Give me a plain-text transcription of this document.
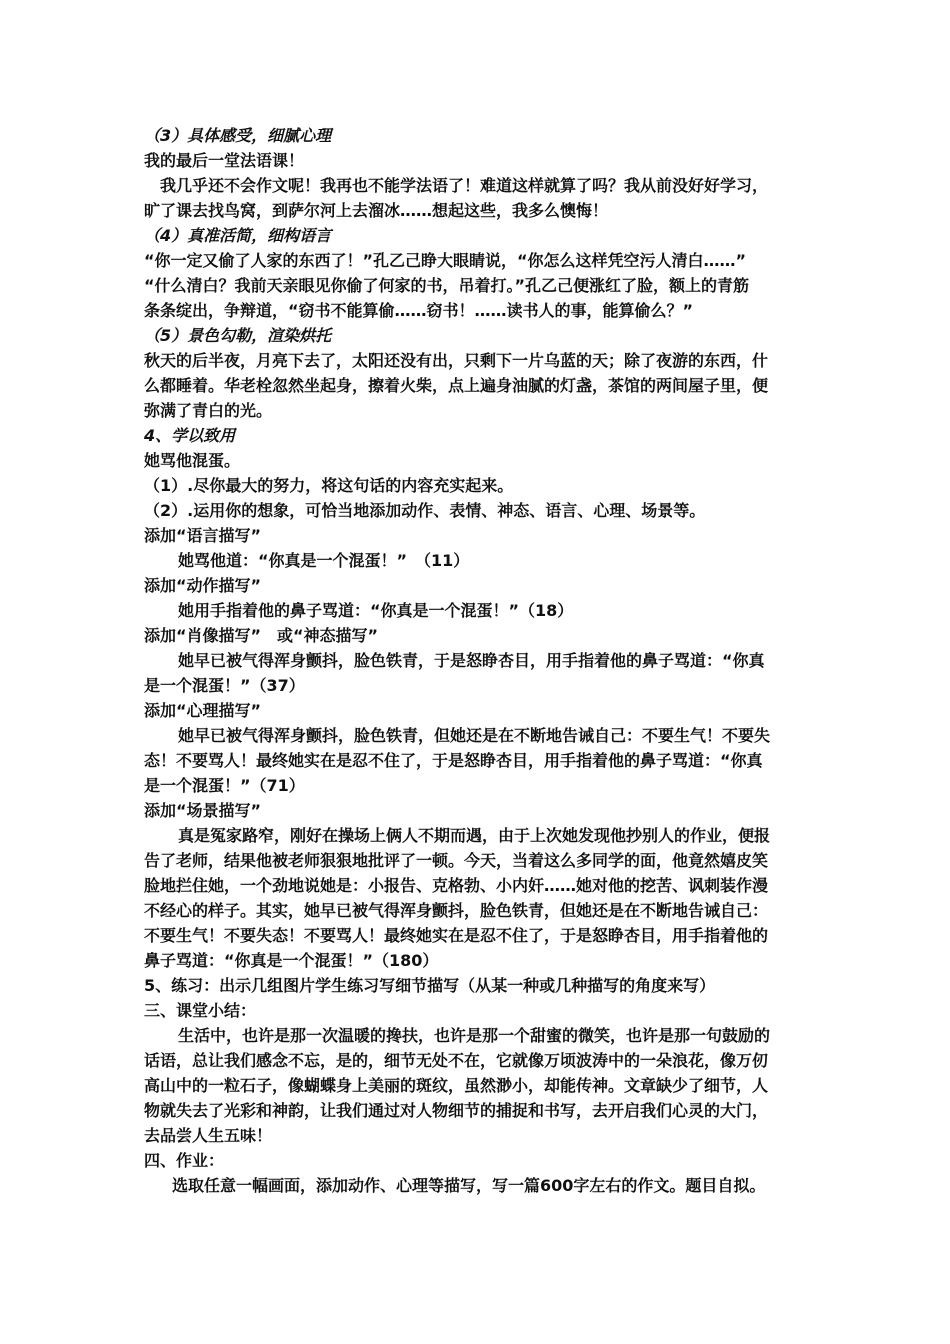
（3）具体感受，细腻心理
我的最后一堂法语课！
我几乎还不会作文呢！我再也不能学法语了！难道这样就算了吗？我从前没好好学习，
旷了课去找鸟窝，到萨尔河上去溜冰……想起这些，我多么懊悔！
（4）真准活简，细构语言
“你一定又偷了人家的东西了！”孔乙己睁大眼睛说，“你怎么这样凭空污人清白……”
“什么清白？我前天亲眼见你偷了何家的书，吊着打。”孔乙己便涨红了脸，额上的青筋
条条绽出，争辩道，“窃书不能算偷……窃书！……读书人的事，能算偷么？”
（5）景色勾勒，渲染烘托
秋天的后半夜，月亮下去了，太阳还没有出，只剩下一片乌蓝的天；除了夜游的东西，什
么都睡着。华老栓忽然坐起身，擦着火柴，点上遍身油腻的灯盏，茶馆的两间屋子里，便
弥满了青白的光。
4、学以致用
她骂他混蛋。
（1）.尽你最大的努力，将这句话的内容充实起来。
（2）.运用你的想象，可恰当地添加动作、表情、神态、语言、心理、场景等。
添加“语言描写”
她骂他道：“你真是一个混蛋！”　（11）
添加“动作描写”
她用手指着他的鼻子骂道：“你真是一个混蛋！”（18）
添加“肖像描写”　或“神态描写”
她早已被气得浑身颤抖，脸色铁青，于是怒睁杏目，用手指着他的鼻子骂道：“你真
是一个混蛋！”（37）
添加“心理描写”
她早已被气得浑身颤抖，脸色铁青，但她还是在不断地告诫自己：不要生气！不要失
态！不要骂人！最终她实在是忍不住了，于是怒睁杏目，用手指着他的鼻子骂道：“你真
是一个混蛋！”（71）
添加“场景描写”
真是冤家路窄，刚好在操场上俩人不期而遇，由于上次她发现他抄别人的作业，便报
告了老师，结果他被老师狠狠地批评了一顿。今天，当着这么多同学的面，他竟然嬉皮笑
脸地拦住她，一个劲地说她是：小报告、克格勃、小内奸……她对他的挖苦、讽刺装作漫
不经心的样子。其实，她早已被气得浑身颤抖，脸色铁青，但她还是在不断地告诫自己：
不要生气！不要失态！不要骂人！最终她实在是忍不住了，于是怒睁杏目，用手指着他的
鼻子骂道：“你真是一个混蛋！”（180）
5、练习：出示几组图片学生练习写细节描写（从某一种或几种描写的角度来写）
三、课堂小结：
生活中，也许是那一次温暖的搀扶，也许是那一个甜蜜的微笑，也许是那一句鼓励的
话语，总让我们感念不忘，是的，细节无处不在，它就像万顷波涛中的一朵浪花，像万仞
高山中的一粒石子，像蝴蝶身上美丽的斑纹，虽然渺小，却能传神。文章缺少了细节，人
物就失去了光彩和神韵，让我们通过对人物细节的捕捉和书写，去开启我们心灵的大门，
去品尝人生五味！
四、作业：
选取任意一幅画面，添加动作、心理等描写，写一篇600字左右的作文。题目自拟。
